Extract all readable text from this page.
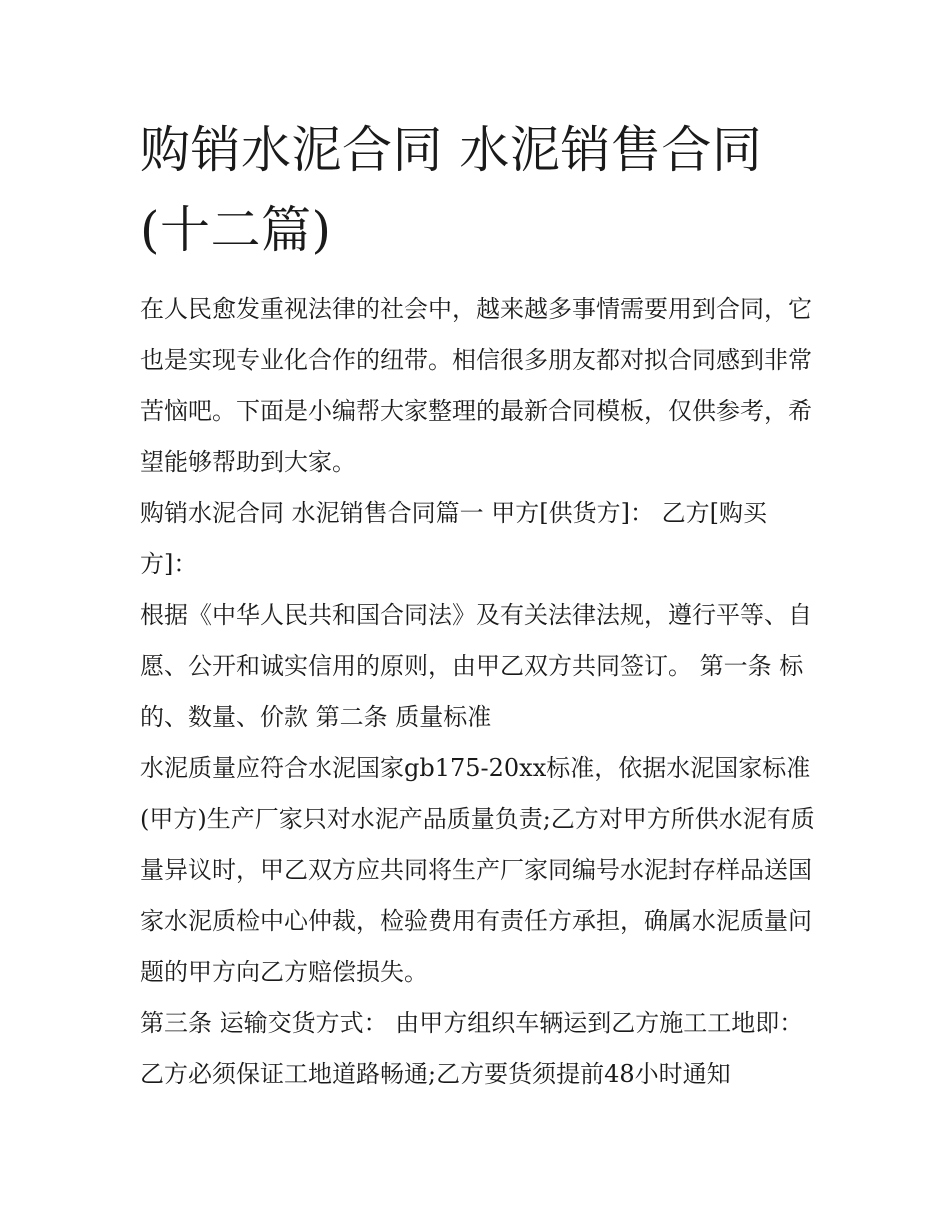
购销水泥合同 水泥销售合同
(十二篇)

在人民愈发重视法律的社会中，越来越多事情需要用到合同，它也是实现专业化合作的纽带。相信很多朋友都对拟合同感到非常苦恼吧。下面是小编帮大家整理的最新合同模板，仅供参考，希望能够帮助到大家。

购销水泥合同 水泥销售合同篇一 甲方[供货方]： 乙方[购买方]：

根据《中华人民共和国合同法》及有关法律法规，遵行平等、自愿、公开和诚实信用的原则，由甲乙双方共同签订。 第一条 标的、数量、价款 第二条 质量标准

水泥质量应符合水泥国家gb175-20xx标准，依据水泥国家标准(甲方)生产厂家只对水泥产品质量负责;乙方对甲方所供水泥有质量异议时，甲乙双方应共同将生产厂家同编号水泥封存样品送国家水泥质检中心仲裁，检验费用有责任方承担，确属水泥质量问题的甲方向乙方赔偿损失。

第三条 运输交货方式： 由甲方组织车辆运到乙方施工工地即： 乙方必须保证工地道路畅通;乙方要货须提前48小时通知
